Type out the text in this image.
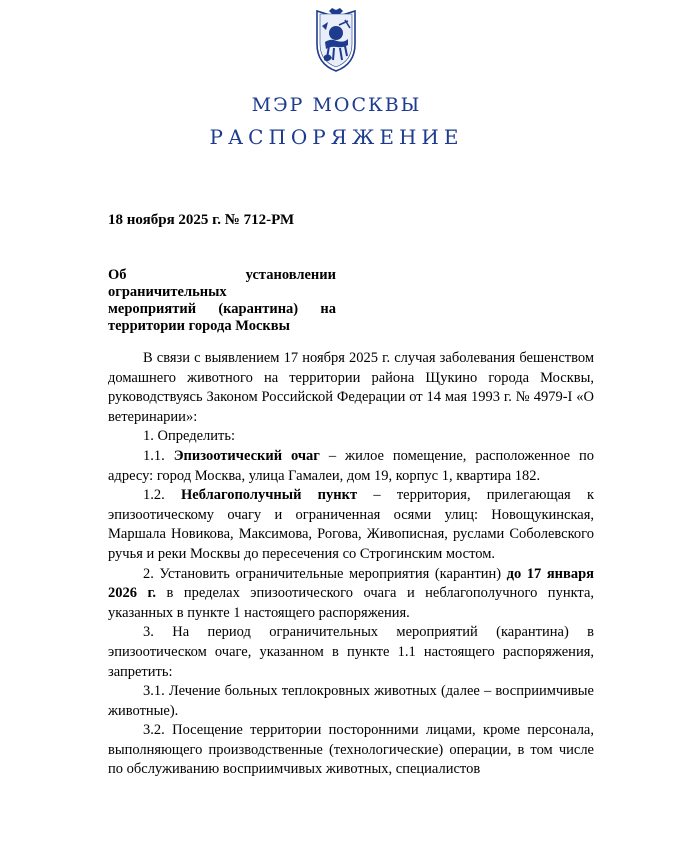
МЭР МОСКВЫ
РАСПОРЯЖЕНИЕ
18 ноября 2025 г. № 712-РМ
Об установлении ограничительных
мероприятий (карантина) на
территории города Москвы

В связи с выявлением 17 ноября 2025 г. случая заболевания бешенством домашнего животного на территории района Щукино города Москвы, руководствуясь Законом Российской Федерации от 14 мая 1993 г. № 4979-I «О ветеринарии»:

1. Определить:

1.1. Эпизоотический очаг – жилое помещение, расположенное по адресу: город Москва, улица Гамалеи, дом 19, корпус 1, квартира 182.

1.2. Неблагополучный пункт – территория, прилегающая к эпизоотическому очагу и ограниченная осями улиц: Новощукинская, Маршала Новикова, Максимова, Рогова, Живописная, руслами Соболевского ручья и реки Москвы до пересечения со Строгинским мостом.

2. Установить ограничительные мероприятия (карантин) до 17 января 2026 г. в пределах эпизоотического очага и неблагополучного пункта, указанных в пункте 1 настоящего распоряжения.

3. На период ограничительных мероприятий (карантина) в эпизоотическом очаге, указанном в пункте 1.1 настоящего распоряжения, запретить:

3.1. Лечение больных теплокровных животных (далее – восприимчивые животные).

3.2. Посещение территории посторонними лицами, кроме персонала, выполняющего производственные (технологические) операции, в том числе по обслуживанию восприимчивых животных, специалистов
